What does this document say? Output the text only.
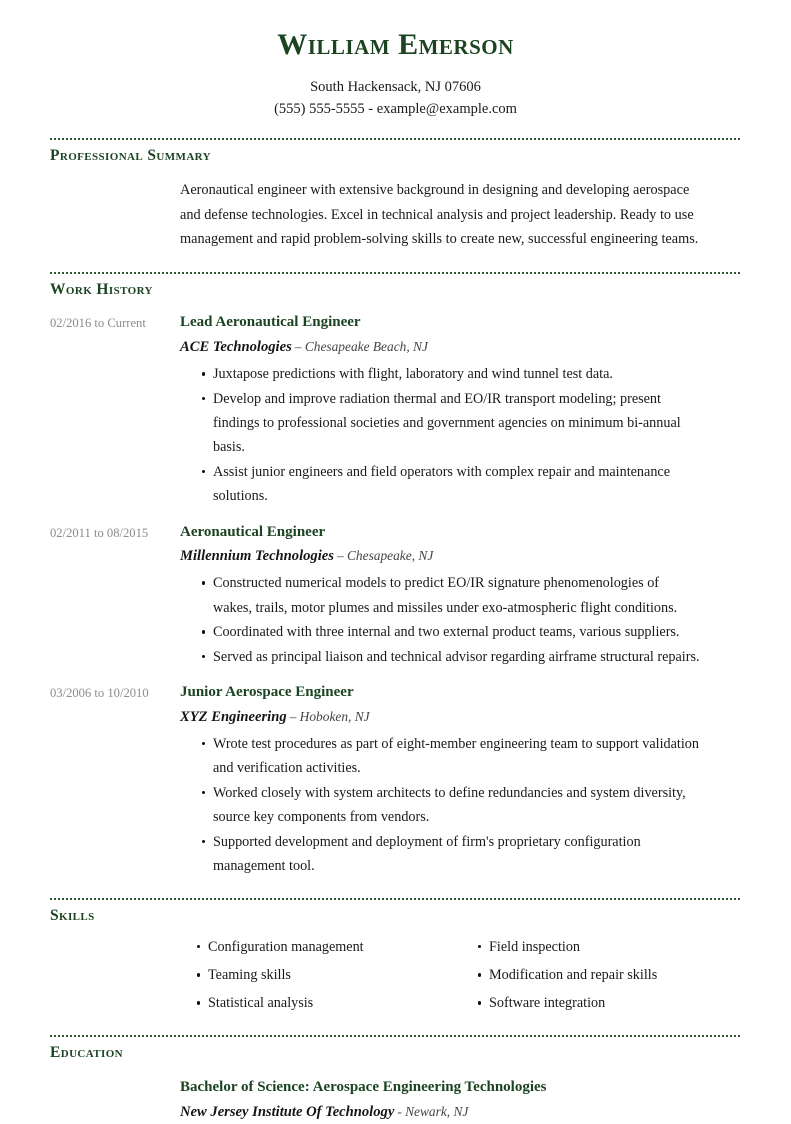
William Emerson
South Hackensack, NJ 07606
(555) 555-5555 - example@example.com
Professional Summary
Aeronautical engineer with extensive background in designing and developing aerospace and defense technologies. Excel in technical analysis and project leadership. Ready to use management and rapid problem-solving skills to create new, successful engineering teams.
Work History
02/2016 to Current	Lead Aeronautical Engineer
ACE Technologies – Chesapeake Beach, NJ
Juxtapose predictions with flight, laboratory and wind tunnel test data.
Develop and improve radiation thermal and EO/IR transport modeling; present findings to professional societies and government agencies on minimum bi-annual basis.
Assist junior engineers and field operators with complex repair and maintenance solutions.
02/2011 to 08/2015	Aeronautical Engineer
Millennium Technologies – Chesapeake, NJ
Constructed numerical models to predict EO/IR signature phenomenologies of wakes, trails, motor plumes and missiles under exo-atmospheric flight conditions.
Coordinated with three internal and two external product teams, various suppliers.
Served as principal liaison and technical advisor regarding airframe structural repairs.
03/2006 to 10/2010	Junior Aerospace Engineer
XYZ Engineering – Hoboken, NJ
Wrote test procedures as part of eight-member engineering team to support validation and verification activities.
Worked closely with system architects to define redundancies and system diversity, source key components from vendors.
Supported development and deployment of firm's proprietary configuration management tool.
Skills
Configuration management
Teaming skills
Statistical analysis
Field inspection
Modification and repair skills
Software integration
Education
Bachelor of Science: Aerospace Engineering Technologies
New Jersey Institute Of Technology - Newark, NJ
